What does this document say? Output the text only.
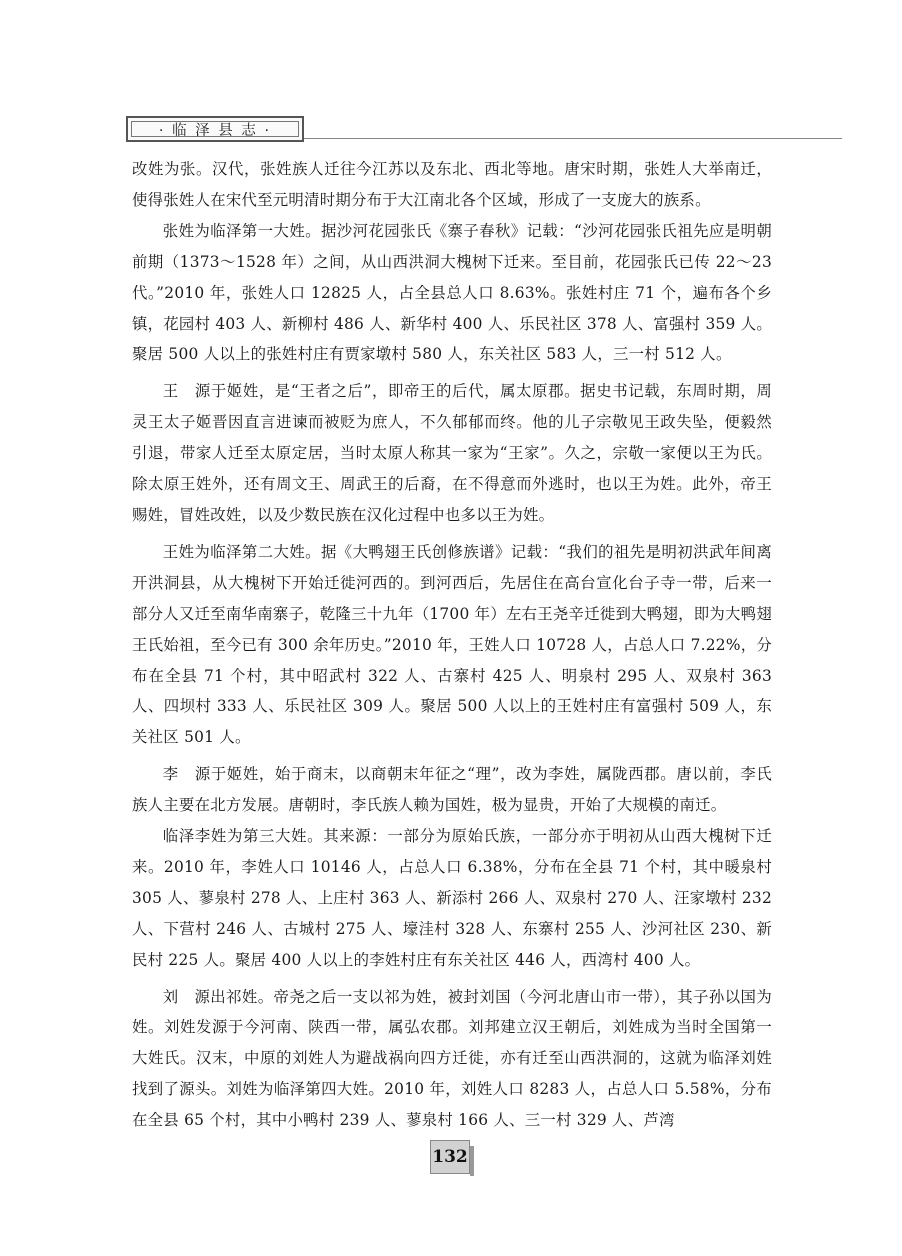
· 临 泽 县 志 ·

改姓为张。汉代，张姓族人迁往今江苏以及东北、西北等地。唐宋时期，张姓人大举南迁，使得张姓人在宋代至元明清时期分布于大江南北各个区域，形成了一支庞大的族系。

张姓为临泽第一大姓。据沙河花园张氏《寨子春秋》记载：“沙河花园张氏祖先应是明朝前期（1373～1528 年）之间，从山西洪洞大槐树下迁来。至目前，花园张氏已传 22～23 代。”2010 年，张姓人口 12825 人，占全县总人口 8.63%。张姓村庄 71 个，遍布各个乡镇，花园村 403 人、新柳村 486 人、新华村 400 人、乐民社区 378 人、富强村 359 人。聚居 500 人以上的张姓村庄有贾家墩村 580 人，东关社区 583 人，三一村 512 人。

王　源于姬姓，是“王者之后”，即帝王的后代，属太原郡。据史书记载，东周时期，周灵王太子姬晋因直言进谏而被贬为庶人，不久郁郁而终。他的儿子宗敬见王政失坠，便毅然引退，带家人迁至太原定居，当时太原人称其一家为“王家”。久之，宗敬一家便以王为氏。除太原王姓外，还有周文王、周武王的后裔，在不得意而外逃时，也以王为姓。此外，帝王赐姓，冒姓改姓，以及少数民族在汉化过程中也多以王为姓。

王姓为临泽第二大姓。据《大鸭翅王氏创修族谱》记载：“我们的祖先是明初洪武年间离开洪洞县，从大槐树下开始迁徙河西的。到河西后，先居住在高台宣化台子寺一带，后来一部分人又迁至南华南寨子，乾隆三十九年（1700 年）左右王尧辛迁徙到大鸭翅，即为大鸭翅王氏始祖，至今已有 300 余年历史。”2010 年，王姓人口 10728 人，占总人口 7.22%，分布在全县 71 个村，其中昭武村 322 人、古寨村 425 人、明泉村 295 人、双泉村 363 人、四坝村 333 人、乐民社区 309 人。聚居 500 人以上的王姓村庄有富强村 509 人，东关社区 501 人。

李　源于姬姓，始于商末，以商朝末年征之“理”，改为李姓，属陇西郡。唐以前，李氏族人主要在北方发展。唐朝时，李氏族人赖为国姓，极为显贵，开始了大规模的南迁。

临泽李姓为第三大姓。其来源：一部分为原始氏族，一部分亦于明初从山西大槐树下迁来。2010 年，李姓人口 10146 人，占总人口 6.38%，分布在全县 71 个村，其中暖泉村 305 人、蓼泉村 278 人、上庄村 363 人、新添村 266 人、双泉村 270 人、汪家墩村 232 人、下营村 246 人、古城村 275 人、壕洼村 328 人、东寨村 255 人、沙河社区 230、新民村 225 人。聚居 400 人以上的李姓村庄有东关社区 446 人，西湾村 400 人。

刘　源出祁姓。帝尧之后一支以祁为姓，被封刘国（今河北唐山市一带），其子孙以国为姓。刘姓发源于今河南、陕西一带，属弘农郡。刘邦建立汉王朝后，刘姓成为当时全国第一大姓氏。汉末，中原的刘姓人为避战祸向四方迁徙，亦有迁至山西洪洞的，这就为临泽刘姓找到了源头。刘姓为临泽第四大姓。2010 年，刘姓人口 8283 人，占总人口 5.58%，分布在全县 65 个村，其中小鸭村 239 人、蓼泉村 166 人、三一村 329 人、芦湾

132
